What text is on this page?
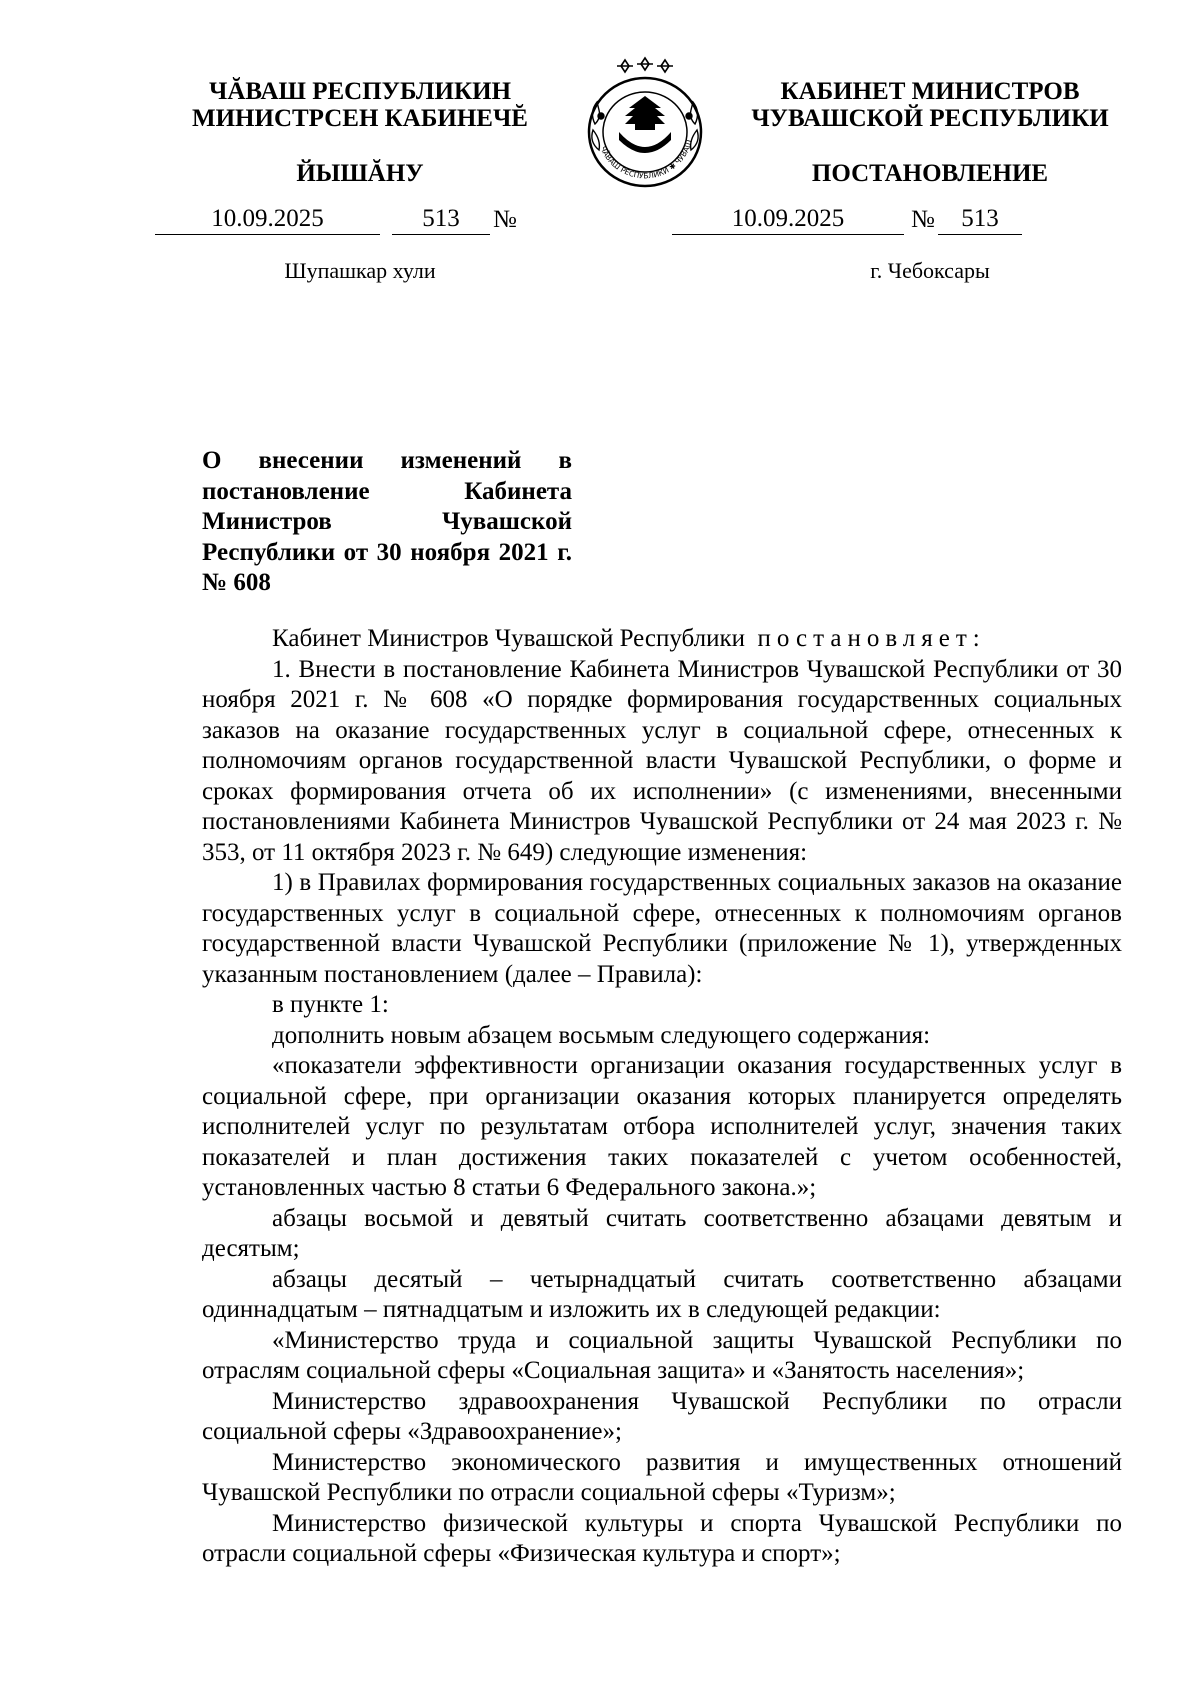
ЧĂВАШ РЕСПУБЛИКИН
МИНИСТРСЕН КАБИНЕЧĔ
ЙЫШĂНУ
КАБИНЕТ МИНИСТРОВ
ЧУВАШСКОЙ РЕСПУБЛИКИ
ПОСТАНОВЛЕНИЕ
ЧĂВАШ РЕСПУБЛИКИ ✱ ЧУВАШ
10.09.2025	513	№	10.09.2025	№	513
Шупашкар хули	г. Чебоксары
О внесении изменений в постановление Кабинета Министров Чувашской Республики от 30 ноября 2021 г. № 608

Кабинет Министров Чувашской Республики постановляет:

1. Внести в постановление Кабинета Министров Чувашской Республики от 30 ноября 2021 г. № 608 «О порядке формирования государственных социальных заказов на оказание государственных услуг в социальной сфере, отнесенных к полномочиям органов государственной власти Чувашской Республики, о форме и сроках формирования отчета об их исполнении» (с изменениями, внесенными постановлениями Кабинета Министров Чувашской Республики от 24 мая 2023 г. № 353, от 11 октября 2023 г. № 649) следующие изменения:

1) в Правилах формирования государственных социальных заказов на оказание государственных услуг в социальной сфере, отнесенных к полномочиям органов государственной власти Чувашской Республики (приложение № 1), утвержденных указанным постановлением (далее – Правила):

в пункте 1:

дополнить новым абзацем восьмым следующего содержания:

«показатели эффективности организации оказания государственных услуг в социальной сфере, при организации оказания которых планируется определять исполнителей услуг по результатам отбора исполнителей услуг, значения таких показателей и план достижения таких показателей с учетом особенностей, установленных частью 8 статьи 6 Федерального закона.»;

абзацы восьмой и девятый считать соответственно абзацами девятым и десятым;

абзацы десятый – четырнадцатый считать соответственно абзацами одиннадцатым – пятнадцатым и изложить их в следующей редакции:

«Министерство труда и социальной защиты Чувашской Республики по отраслям социальной сферы «Социальная защита» и «Занятость населения»;

Министерство здравоохранения Чувашской Республики по отрасли социальной сферы «Здравоохранение»;

Министерство экономического развития и имущественных отношений Чувашской Республики по отрасли социальной сферы «Туризм»;

Министерство физической культуры и спорта Чувашской Республики по отрасли социальной сферы «Физическая культура и спорт»;
